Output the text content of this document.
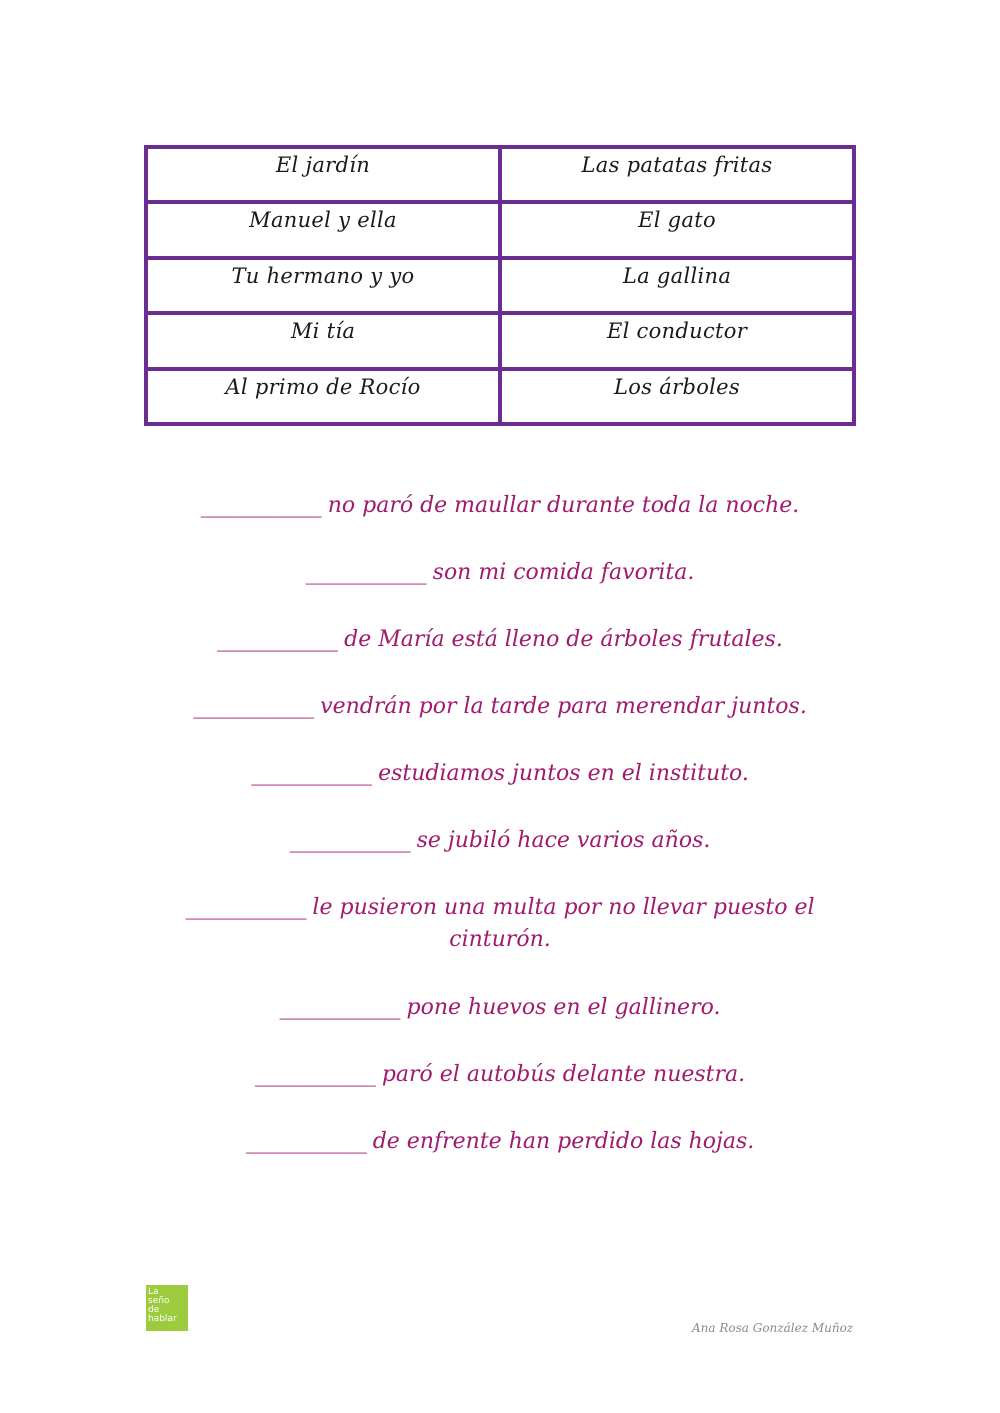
El jardín	Las patatas fritas
Manuel y ella	El gato
Tu hermano y yo	La gallina
Mi tía	El conductor
Al primo de Rocío	Los árboles

____________ no paró de maullar durante toda la noche.

____________ son mi comida favorita.

____________ de María está lleno de árboles frutales.

____________ vendrán por la tarde para merendar juntos.

____________ estudiamos juntos en el instituto.

____________ se jubiló hace varios años.

____________ le pusieron una multa por no llevar puesto el cinturón.

____________ pone huevos en el gallinero.

____________ paró el autobús delante nuestra.

____________ de enfrente han perdido las hojas.

La
seño
de
hablar
Ana Rosa González Muñoz
